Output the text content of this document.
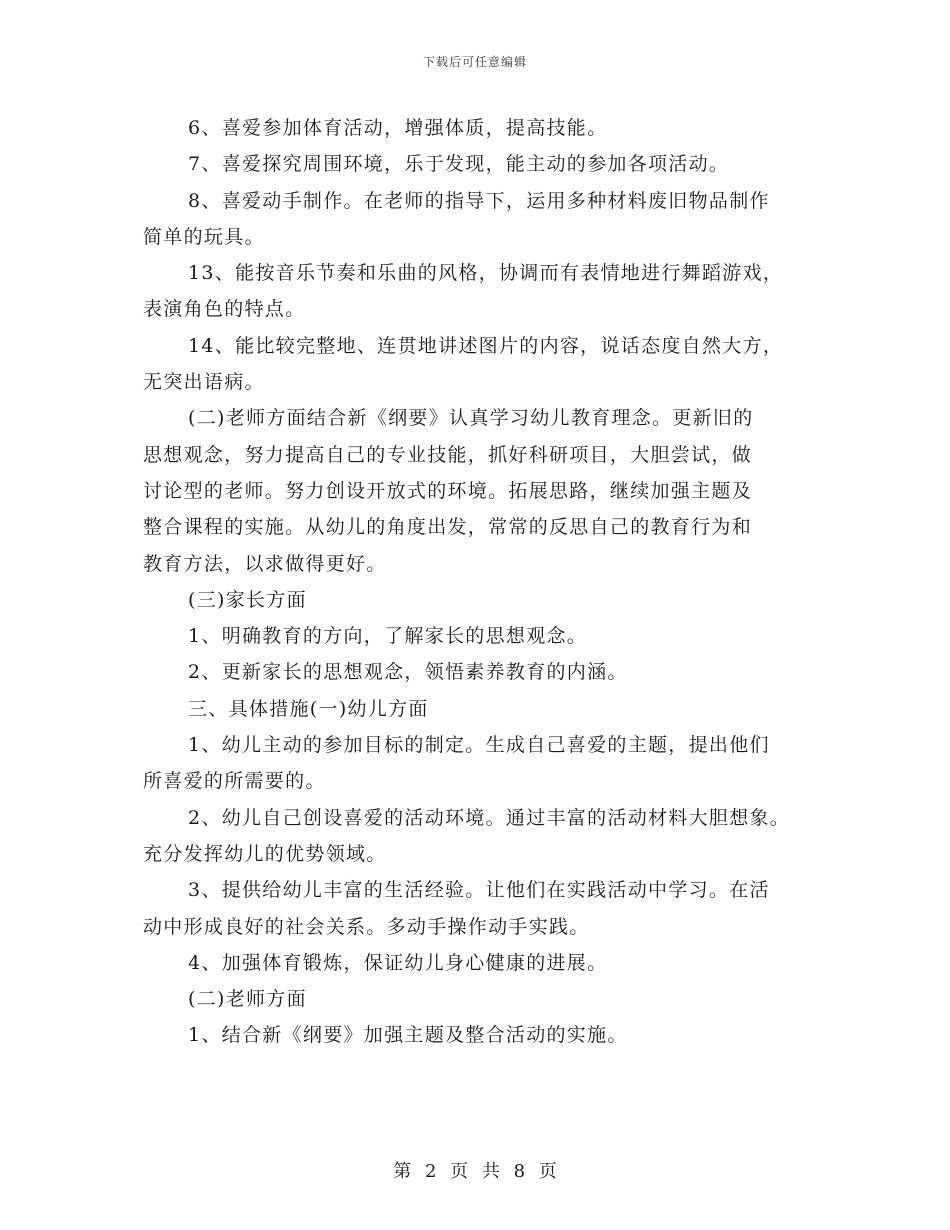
下载后可任意编辑
6、喜爱参加体育活动，增强体质，提高技能。
7、喜爱探究周围环境，乐于发现，能主动的参加各项活动。
8、喜爱动手制作。在老师的指导下，运用多种材料废旧物品制作
简单的玩具。
13、能按音乐节奏和乐曲的风格，协调而有表情地进行舞蹈游戏，
表演角色的特点。
14、能比较完整地、连贯地讲述图片的内容，说话态度自然大方，
无突出语病。
(二)老师方面结合新《纲要》认真学习幼儿教育理念。更新旧的
思想观念，努力提高自己的专业技能，抓好科研项目，大胆尝试，做
讨论型的老师。努力创设开放式的环境。拓展思路，继续加强主题及
整合课程的实施。从幼儿的角度出发，常常的反思自己的教育行为和
教育方法，以求做得更好。
(三)家长方面
1、明确教育的方向，了解家长的思想观念。
2、更新家长的思想观念，领悟素养教育的内涵。
三、具体措施(一)幼儿方面
1、幼儿主动的参加目标的制定。生成自己喜爱的主题，提出他们
所喜爱的所需要的。
2、幼儿自己创设喜爱的活动环境。通过丰富的活动材料大胆想象。
充分发挥幼儿的优势领域。
3、提供给幼儿丰富的生活经验。让他们在实践活动中学习。在活
动中形成良好的社会关系。多动手操作动手实践。
4、加强体育锻炼，保证幼儿身心健康的进展。
(二)老师方面
1、结合新《纲要》加强主题及整合活动的实施。
第 2 页 共 8 页
